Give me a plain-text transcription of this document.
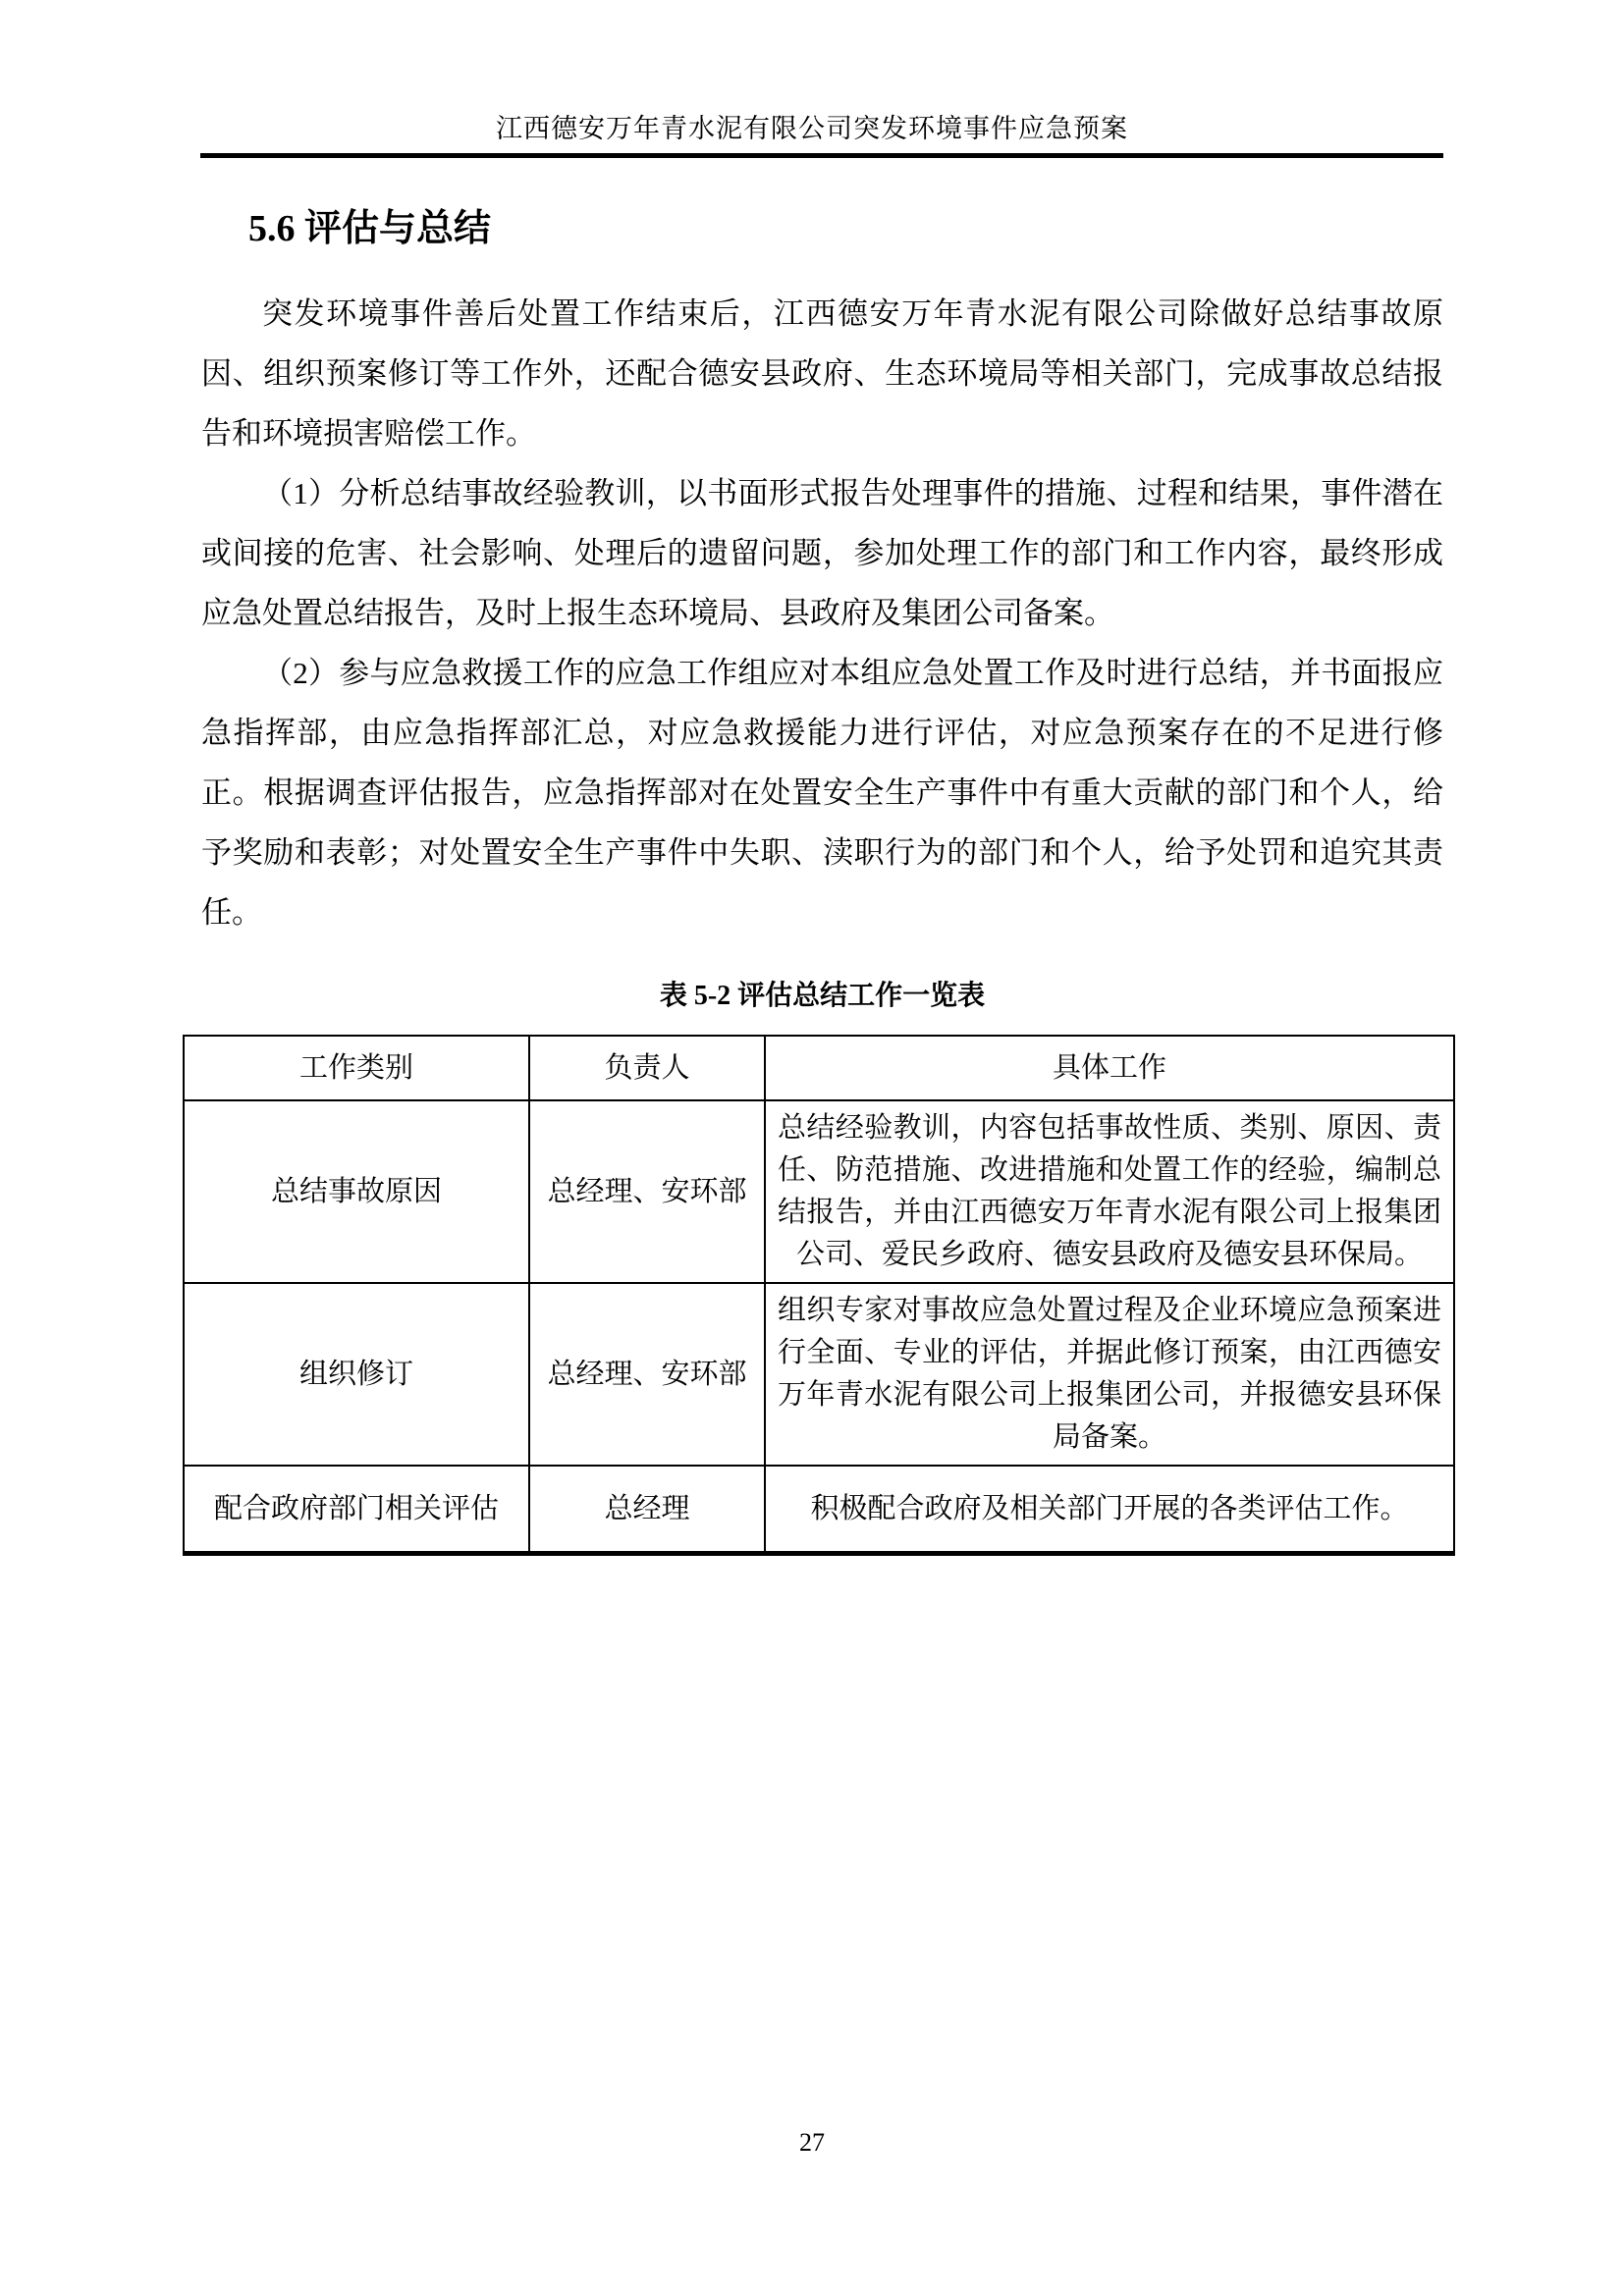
江西德安万年青水泥有限公司突发环境事件应急预案
5.6 评估与总结

突发环境事件善后处置工作结束后，江西德安万年青水泥有限公司除做好总结事故原因、组织预案修订等工作外，还配合德安县政府、生态环境局等相关部门，完成事故总结报告和环境损害赔偿工作。

（1）分析总结事故经验教训，以书面形式报告处理事件的措施、过程和结果，事件潜在或间接的危害、社会影响、处理后的遗留问题，参加处理工作的部门和工作内容，最终形成应急处置总结报告，及时上报生态环境局、县政府及集团公司备案。

（2）参与应急救援工作的应急工作组应对本组应急处置工作及时进行总结，并书面报应急指挥部，由应急指挥部汇总，对应急救援能力进行评估，对应急预案存在的不足进行修正。根据调查评估报告，应急指挥部对在处置安全生产事件中有重大贡献的部门和个人，给予奖励和表彰；对处置安全生产事件中失职、渎职行为的部门和个人，给予处罚和追究其责任。

表 5-2 评估总结工作一览表
工作类别	负责人	具体工作
总结事故原因	总经理、安环部	总结经验教训，内容包括事故性质、类别、原因、责任、防范措施、改进措施和处置工作的经验，编制总结报告，并由江西德安万年青水泥有限公司上报集团公司、爱民乡政府、德安县政府及德安县环保局。
组织修订	总经理、安环部	组织专家对事故应急处置过程及企业环境应急预案进行全面、专业的评估，并据此修订预案，由江西德安万年青水泥有限公司上报集团公司，并报德安县环保局备案。
配合政府部门相关评估	总经理	积极配合政府及相关部门开展的各类评估工作。
27
